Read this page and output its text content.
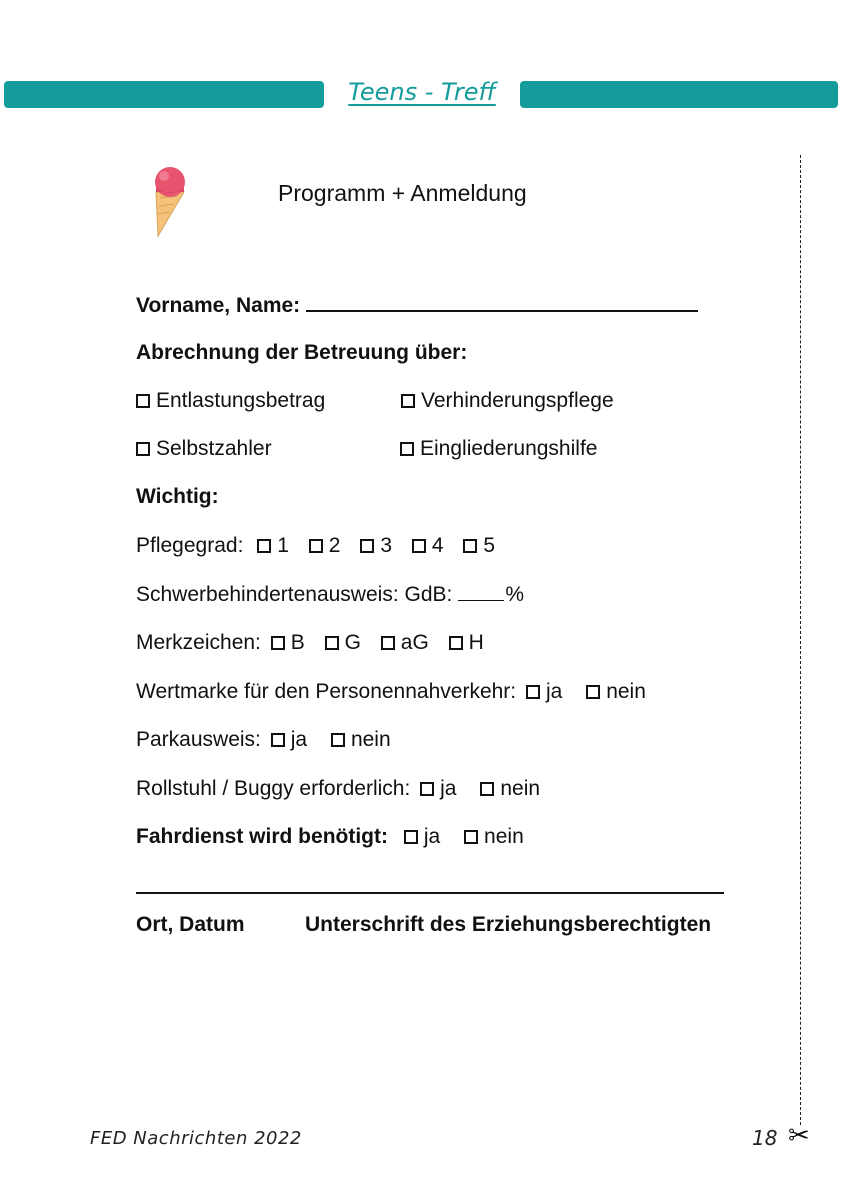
Teens - Treff
✂
Programm + Anmeldung
Vorname, Name:
Abrechnung der Betreuung über:
Entlastungsbetrag	Verhinderungspflege
Selbstzahler	Eingliederungshilfe
Wichtig:
Pflegegrad: 1 2 3 4 5
Schwerbehindertenausweis: GdB:	%
Merkzeichen: B G aG H
Wertmarke für den Personennahverkehr: ja nein
Parkausweis: ja nein
Rollstuhl / Buggy erforderlich: ja nein
Fahrdienst wird benötigt: ja nein
Ort, Datum	Unterschrift des Erziehungsberechtigten
FED Nachrichten 2022	18
